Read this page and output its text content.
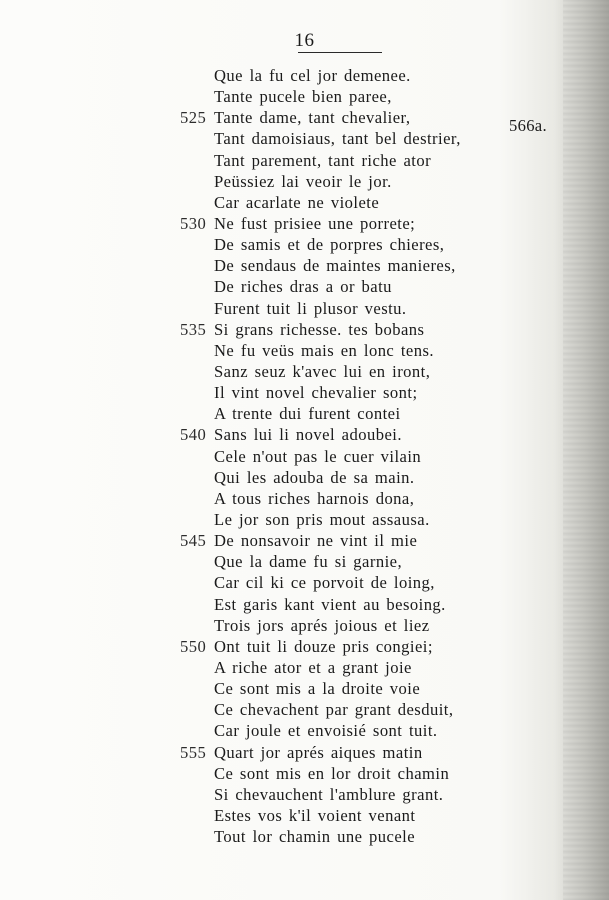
16
566a.
Que la fu cel jor demenee.
Tante pucele bien paree,
525 Tante dame, tant chevalier,
Tant damoisiaus, tant bel destrier,
Tant parement, tant riche ator
Peüssiez lai veoir le jor.
Car acarlate ne violete
530 Ne fust prisiee une porrete;
De samis et de porpres chieres,
De sendaus de maintes manieres,
De riches dras a or batu
Furent tuit li plusor vestu.
535 Si grans richesse. tes bobans
Ne fu veüs mais en lonc tens.
Sanz seuz k'avec lui en iront,
Il vint novel chevalier sont;
A trente dui furent contei
540 Sans lui li novel adoubei.
Cele n'out pas le cuer vilain
Qui les adouba de sa main.
A tous riches harnois dona,
Le jor son pris mout assausa.
545 De nonsavoir ne vint il mie
Que la dame fu si garnie,
Car cil ki ce porvoit de loing,
Est garis kant vient au besoing.
Trois jors aprés joious et liez
550 Ont tuit li douze pris congiei;
A riche ator et a grant joie
Ce sont mis a la droite voie
Ce chevachent par grant desduit,
Car joule et envoisié sont tuit.
555 Quart jor aprés aiques matin
Ce sont mis en lor droit chamin
Si chevauchent l'amblure grant.
Estes vos k'il voient venant
Tout lor chamin une pucele
